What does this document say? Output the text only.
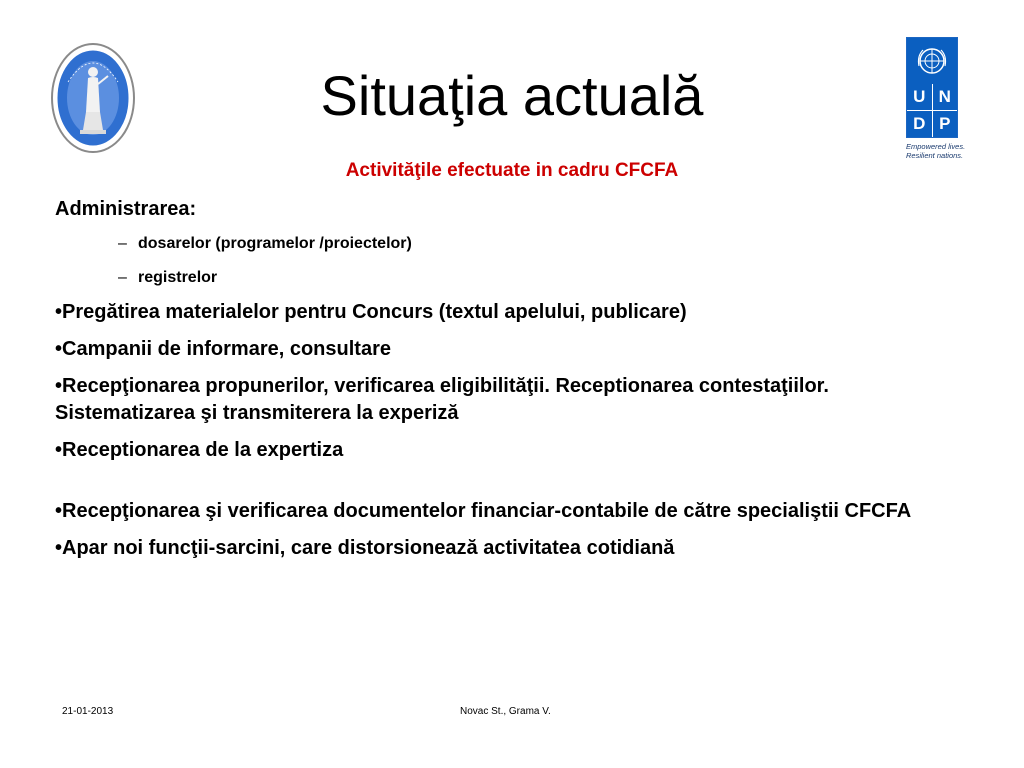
U N
D P
Empowered lives.
Resilient nations.
Situaţia actuală
Activităţile efectuate in cadru CFCFA

Administrarea:

– dosarelor (programelor /proiectelor)
– registrelor

•Pregătirea materialelor pentru Concurs (textul apelului, publicare)

•Campanii de informare, consultare

•Recepţionarea propunerilor, verificarea eligibilităţii. Receptionarea contestaţiilor. Sistematizarea şi transmiterera la experiză

•Receptionarea de la expertiza

•Recepţionarea şi verificarea documentelor financiar-contabile de către specialiştii CFCFA

•Apar noi funcţii-sarcini, care distorsionează activitatea cotidiană

21-01-2013	Novac St., Grama V.
